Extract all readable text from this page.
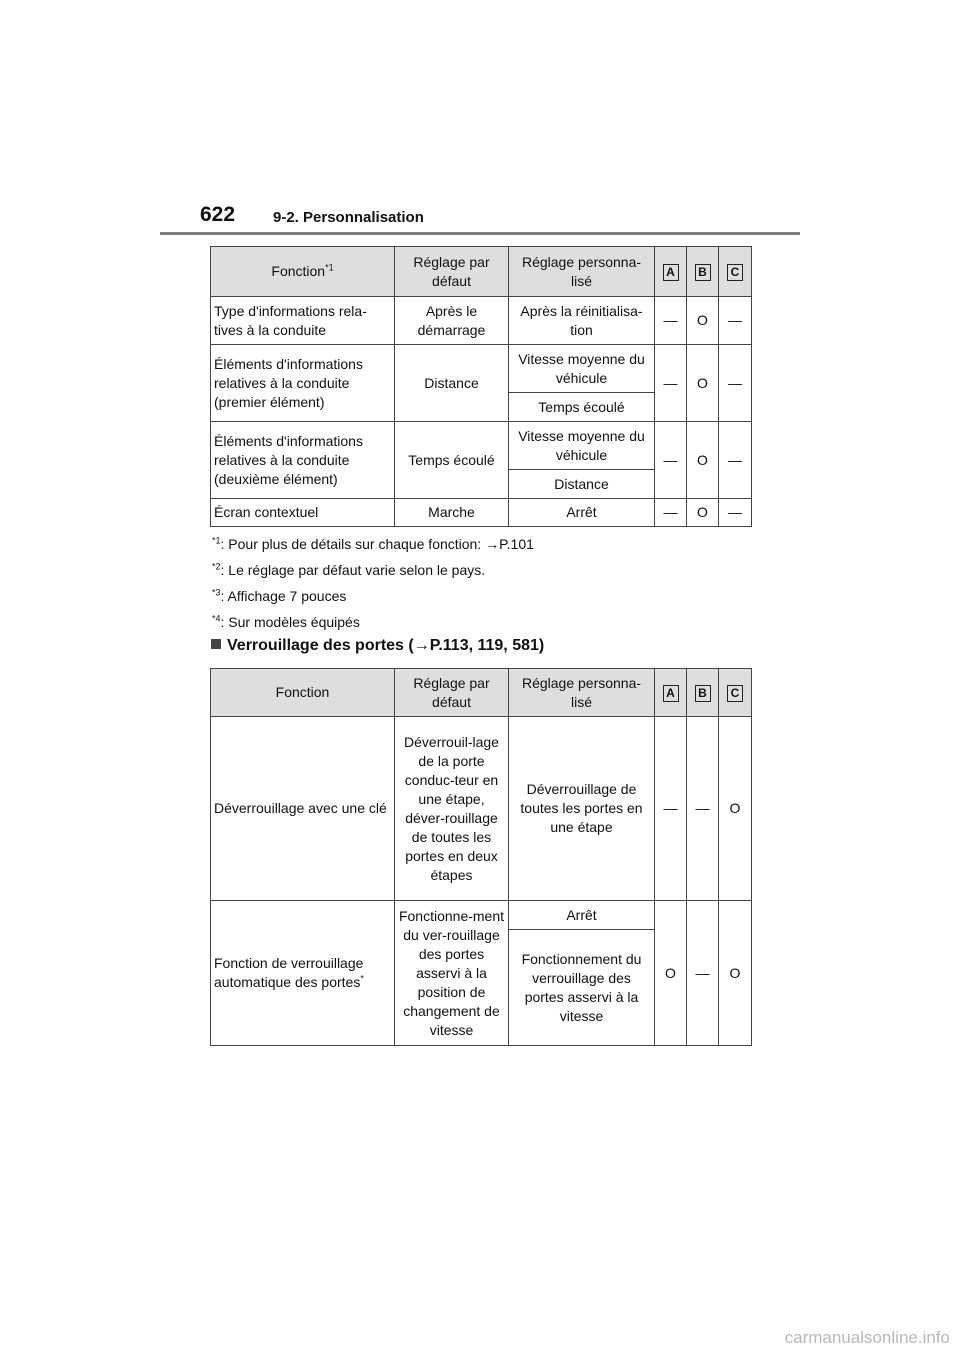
622	9-2. Personnalisation
Fonction$^{*1}$	Réglage par défaut	Réglage personna-lisé	A	B	C
Type d'informations rela-tives à la conduite	Après le démarrage	Après la réinitialisa-tion	—	O	—
Éléments d'informations relatives à la conduite (premier élément)	Distance	Vitesse moyenne du véhicule	—	O	—
		Temps écoulé			
Éléments d'informations relatives à la conduite (deuxième élément)	Temps écoulé	Vitesse moyenne du véhicule	—	O	—
		Distance			
Écran contextuel	Marche	Arrêt	—	O	—
$^{*1}$: Pour plus de détails sur chaque fonction: →P.101
$^{*2}$: Le réglage par défaut varie selon le pays.
$^{*3}$: Affichage 7 pouces
$^{*4}$: Sur modèles équipés
Verrouillage des portes (→P.113, 119, 581)
Fonction	Réglage par défaut	Réglage personna-lisé	A	B	C
Déverrouillage avec une clé	Déverrouil-lage de la porte conduc-teur en une étape, déver-rouillage de toutes les portes en deux étapes	Déverrouillage de toutes les portes en une étape	—	—	O
Fonction de verrouillage automatique des portes*	Fonctionne-ment du ver-rouillage des portes asservi à la position de changement de vitesse	Arrêt	O	—	O
		Fonctionnement du verrouillage des portes asservi à la vitesse			
carmanualsonline.info
